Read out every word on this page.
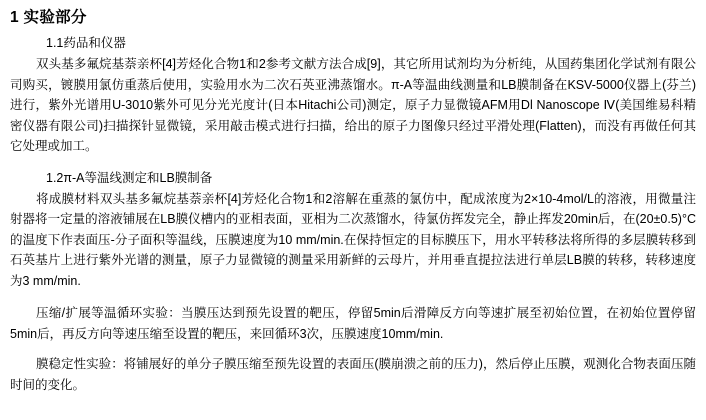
1 实验部分
1.1药品和仪器

双头基多氟烷基萘亲杯[4]芳烃化合物1和2参考文献方法合成[9]，其它所用试剂均为分析纯，从国药集团化学试剂有限公司购买，镀膜用氯仿重蒸后使用，实验用水为二次石英亚沸蒸馏水。π-A等温曲线测量和LB膜制备在KSV-5000仪器上(芬兰)进行，紫外光谱用U-3010紫外可见分光光度计(日本Hitachi公司)测定，原子力显微镜AFM用Dl Nanoscope Ⅳ(美国维易科精密仪器有限公司)扫描探针显微镜，采用敲击模式进行扫描，给出的原子力图像只经过平滑处理(Flatten)，而没有再做任何其它处理或加工。

1.2π-A等温线测定和LB膜制备

将成膜材料双头基多氟烷基萘亲杯[4]芳烃化合物1和2溶解在重蒸的氯仿中，配成浓度为2×10-4mol/L的溶液，用微量注射器将一定量的溶液铺展在LB膜仪槽内的亚相表面，亚相为二次蒸馏水，待氯仿挥发完全，静止挥发20min后，在(20±0.5)°C的温度下作表面压-分子面积等温线，压膜速度为10 mm/min.在保持恒定的目标膜压下，用水平转移法将所得的多层膜转移到石英基片上进行紫外光谱的测量，原子力显微镜的测量采用新鲜的云母片，并用垂直提拉法进行单层LB膜的转移，转移速度为3 mm/min.

压缩/扩展等温循环实验：当膜压达到预先设置的靶压，停留5min后滑障反方向等速扩展至初始位置，在初始位置停留5min后，再反方向等速压缩至设置的靶压，来回循环3次，压膜速度10mm/min.

膜稳定性实验：将铺展好的单分子膜压缩至预先设置的表面压(膜崩溃之前的压力)，然后停止压膜，观测化合物表面压随时间的变化。
